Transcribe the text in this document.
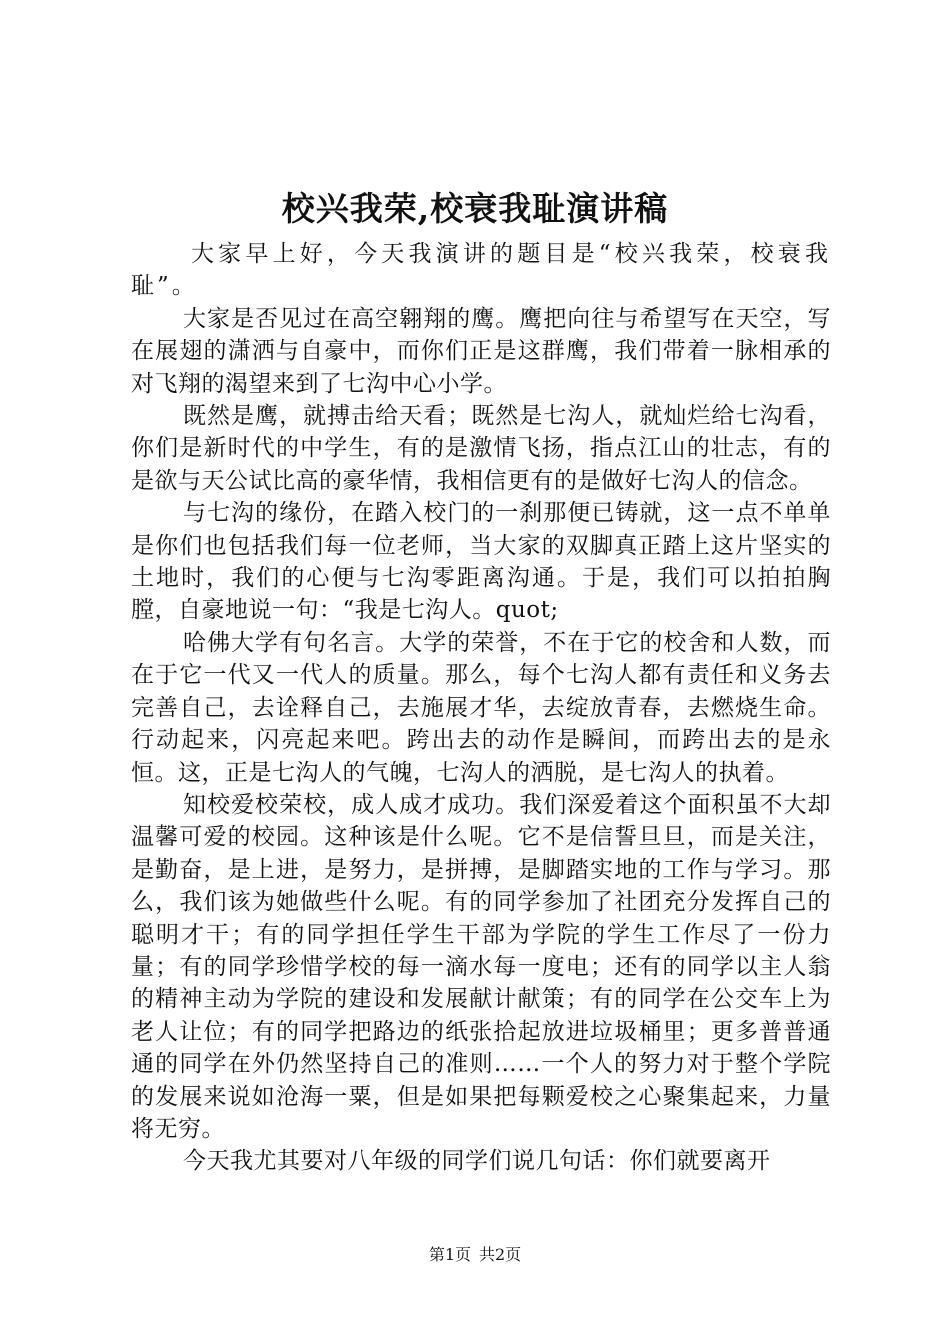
校兴我荣,校衰我耻演讲稿

大家早上好，今天我演讲的题目是“校兴我荣，校衰我耻”。

大家是否见过在高空翱翔的鹰。鹰把向往与希望写在天空，写在展翅的潇洒与自豪中，而你们正是这群鹰，我们带着一脉相承的对飞翔的渴望来到了七沟中心小学。

既然是鹰，就搏击给天看；既然是七沟人，就灿烂给七沟看，你们是新时代的中学生，有的是激情飞扬，指点江山的壮志，有的是欲与天公试比高的豪华情，我相信更有的是做好七沟人的信念。

与七沟的缘份，在踏入校门的一刹那便已铸就，这一点不单单是你们也包括我们每一位老师，当大家的双脚真正踏上这片坚实的土地时，我们的心便与七沟零距离沟通。于是，我们可以拍拍胸膛，自豪地说一句：“我是七沟人。quot;

哈佛大学有句名言。大学的荣誉，不在于它的校舍和人数，而在于它一代又一代人的质量。那么，每个七沟人都有责任和义务去完善自己，去诠释自己，去施展才华，去绽放青春，去燃烧生命。行动起来，闪亮起来吧。跨出去的动作是瞬间，而跨出去的是永恒。这，正是七沟人的气魄，七沟人的洒脱，是七沟人的执着。

知校爱校荣校，成人成才成功。我们深爱着这个面积虽不大却温馨可爱的校园。这种该是什么呢。它不是信誓旦旦，而是关注，是勤奋，是上进，是努力，是拼搏，是脚踏实地的工作与学习。那么，我们该为她做些什么呢。有的同学参加了社团充分发挥自己的聪明才干；有的同学担任学生干部为学院的学生工作尽了一份力量；有的同学珍惜学校的每一滴水每一度电；还有的同学以主人翁的精神主动为学院的建设和发展献计献策；有的同学在公交车上为老人让位；有的同学把路边的纸张拾起放进垃圾桶里；更多普普通通的同学在外仍然坚持自己的准则……一个人的努力对于整个学院的发展来说如沧海一粟，但是如果把每颗爱校之心聚集起来，力量将无穷。

今天我尤其要对八年级的同学们说几句话：你们就要离开

第1页 共2页
